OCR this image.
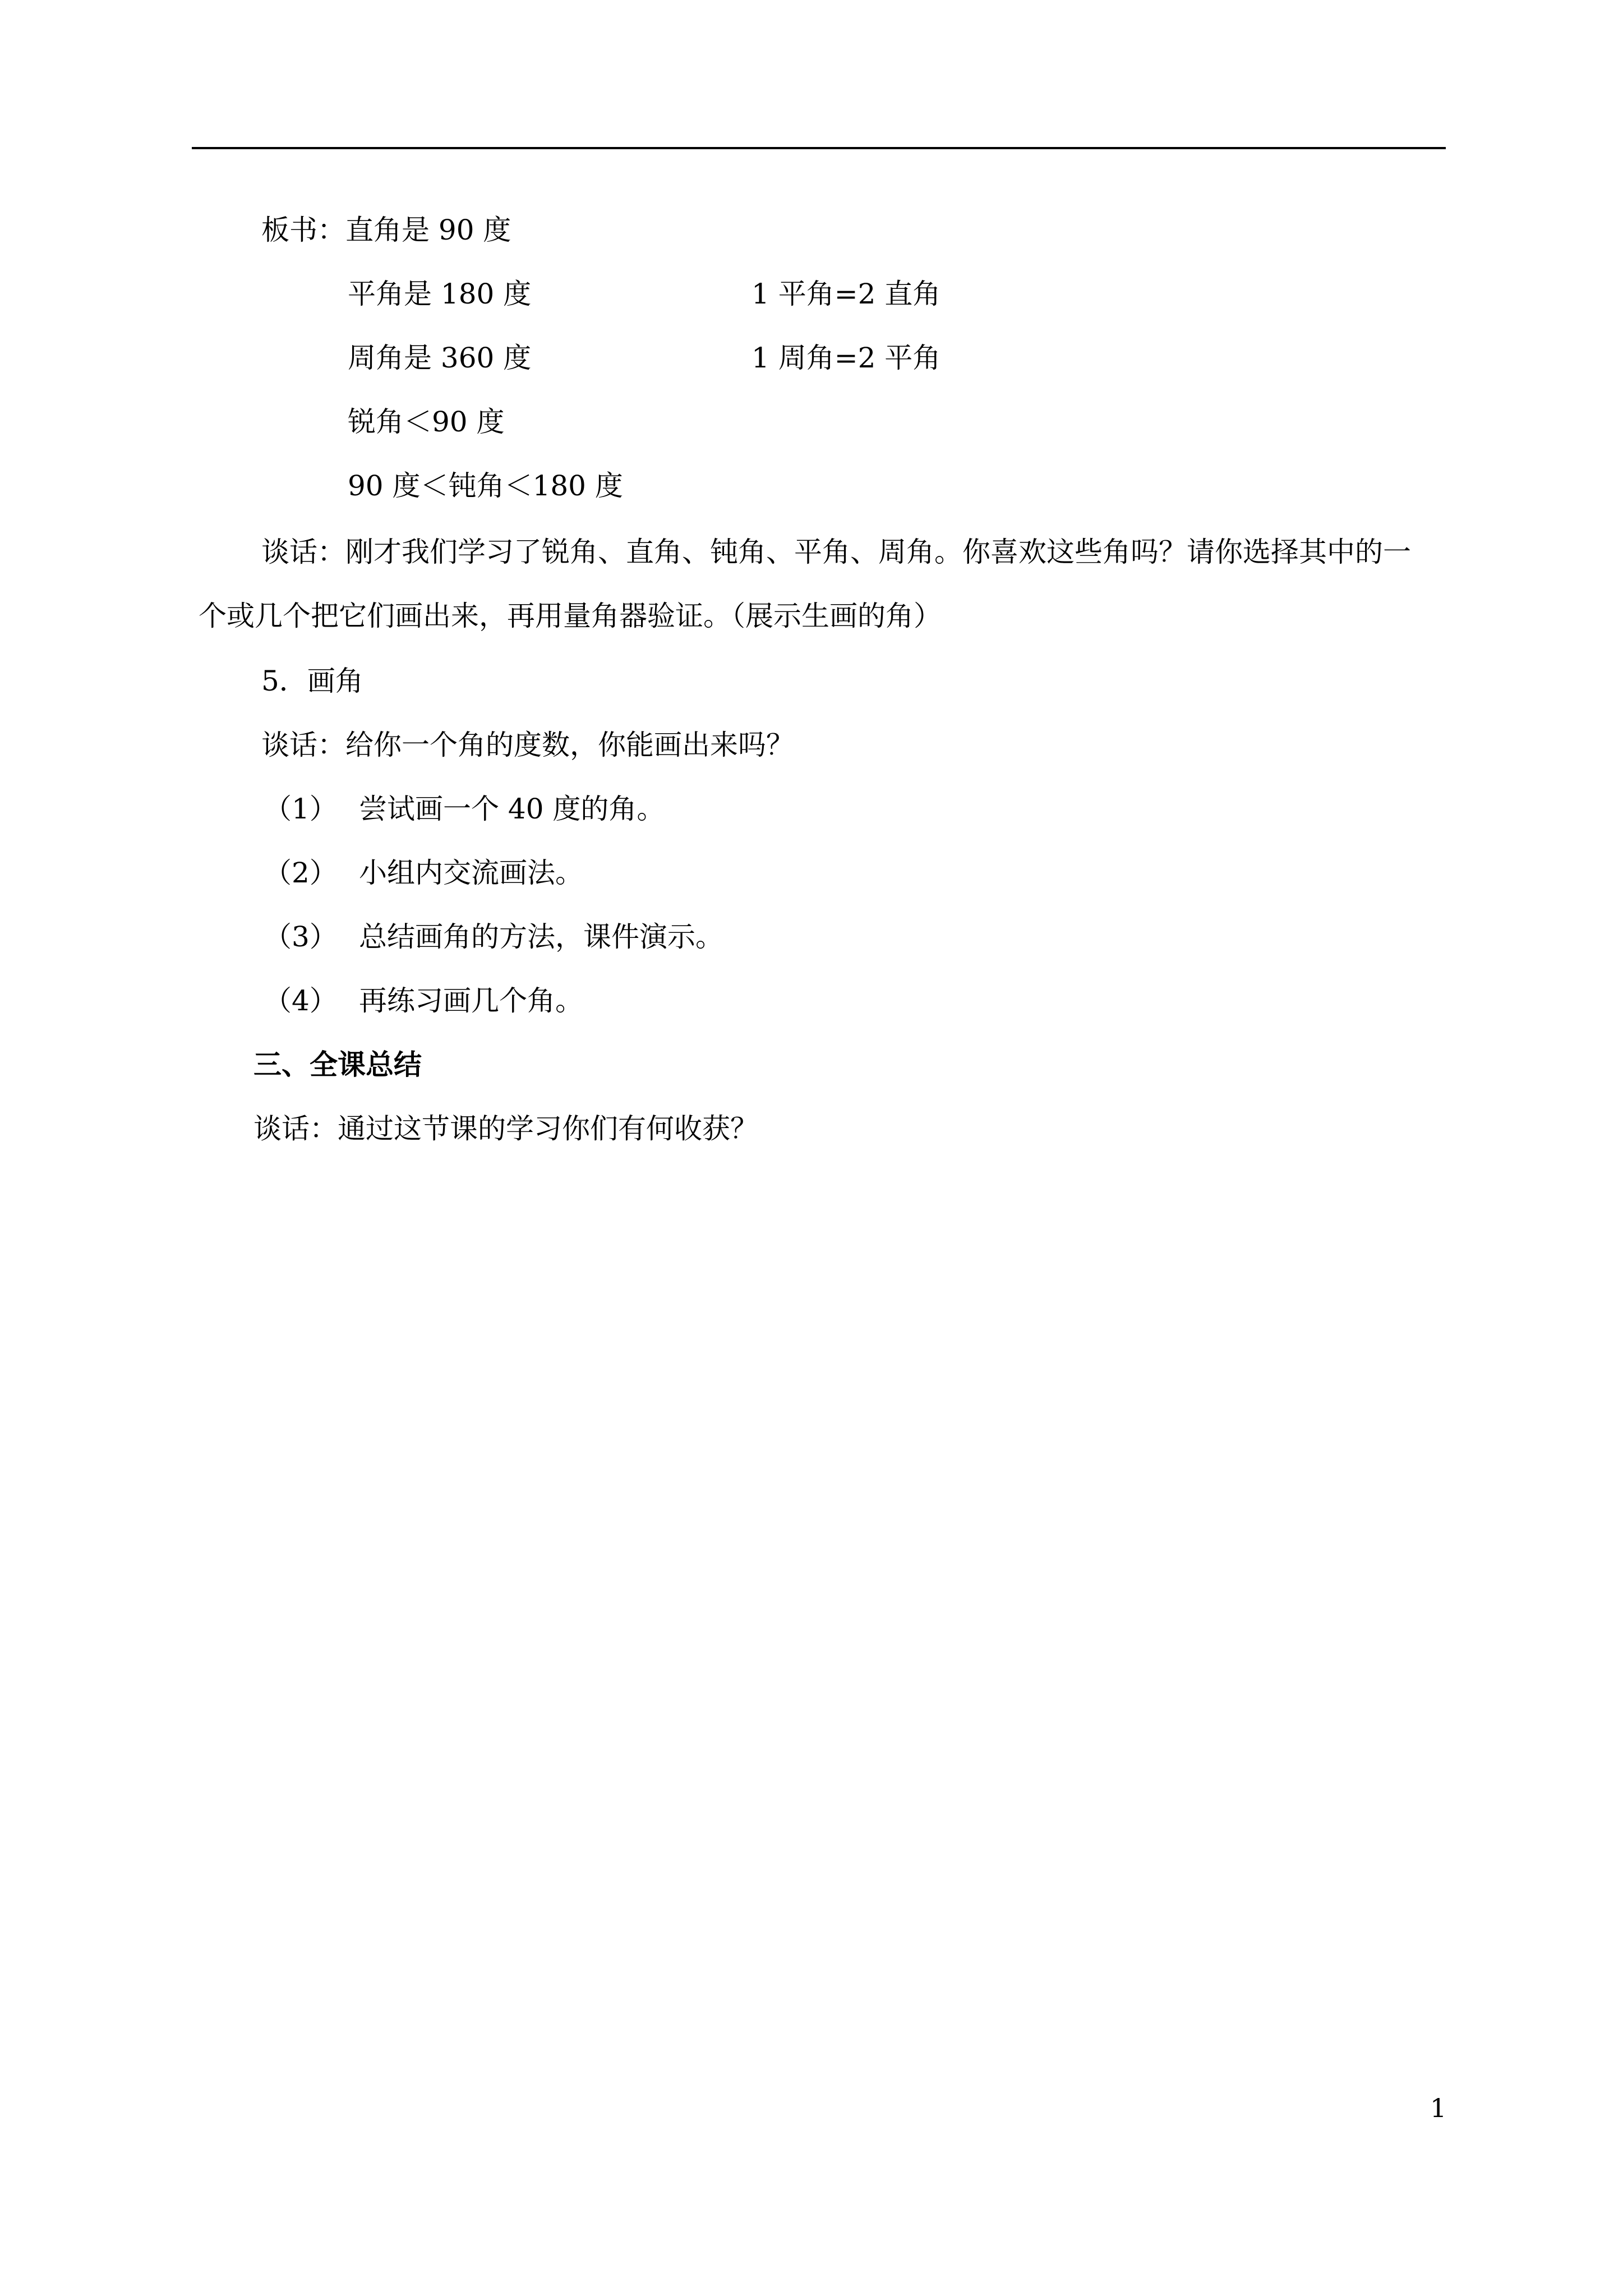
板书：直角是 90 度
平角是 180 度	1 平角=2 直角
周角是 360 度	1 周角=2 平角
锐角＜90 度
90 度＜钝角＜180 度
谈话：刚才我们学习了锐角、直角、钝角、平角、周角。你喜欢这些角吗？请你选择其中的一
个或几个把它们画出来，再用量角器验证。（展示生画的角）
5．画角
谈话：给你一个角的度数，你能画出来吗？
（1） 尝试画一个 40 度的角。
（2） 小组内交流画法。
（3） 总结画角的方法，课件演示。
（4） 再练习画几个角。
三、全课总结
谈话：通过这节课的学习你们有何收获？
1
